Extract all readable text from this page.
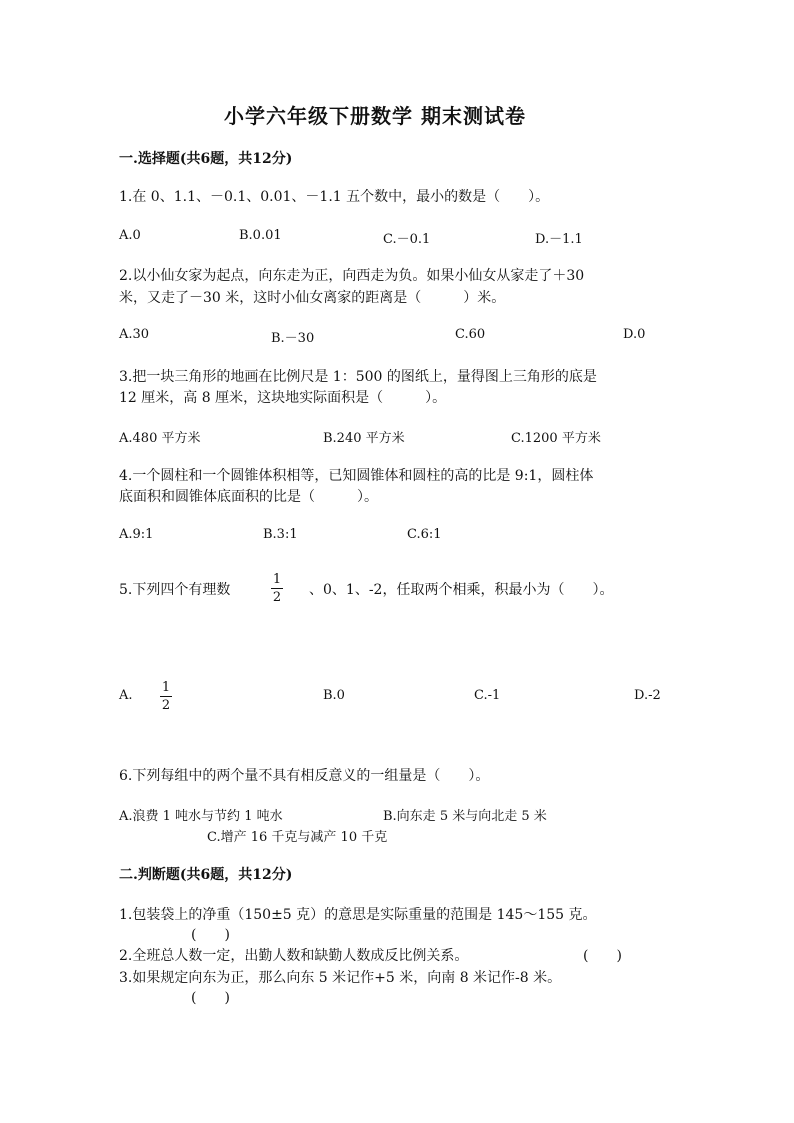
小学六年级下册数学 期末测试卷
一.选择题(共6题，共12分)
1.在 0、1.1、－0.1、0.01、－1.1 五个数中，最小的数是（　　）。
A.0	B.0.01	C.－0.1	D.－1.1
2.以小仙女家为起点，向东走为正，向西走为负。如果小仙女从家走了＋30
米，又走了－30 米，这时小仙女离家的距离是（　　　）米。
A.30	B.－30	C.60	D.0
3.把一块三角形的地画在比例尺是 1：500 的图纸上，量得图上三角形的底是
12 厘米，高 8 厘米，这块地实际面积是（　　　）。
A.480 平方米	B.240 平方米	C.1200 平方米
4.一个圆柱和一个圆锥体积相等，已知圆锥体和圆柱的高的比是 9:1，圆柱体
底面积和圆锥体底面积的比是（　　　）。
A.9:1	B.3:1	C.6:1
5.下列四个有理数
1
2 、0、1、-2，任取两个相乘，积最小为（　　）。
A.
1
2
B.0	C.-1	D.-2
6.下列每组中的两个量不具有相反意义的一组量是（　　）。
A.浪费 1 吨水与节约 1 吨水	B.向东走 5 米与向北走 5 米
C.增产 16 千克与减产 10 千克
二.判断题(共6题，共12分)
1.包装袋上的净重（150±5 克）的意思是实际重量的范围是 145～155 克。
(　　)
2.全班总人数一定，出勤人数和缺勤人数成反比例关系。	(　　)
3.如果规定向东为正，那么向东 5 米记作+5 米，向南 8 米记作-8 米。
(　　)
